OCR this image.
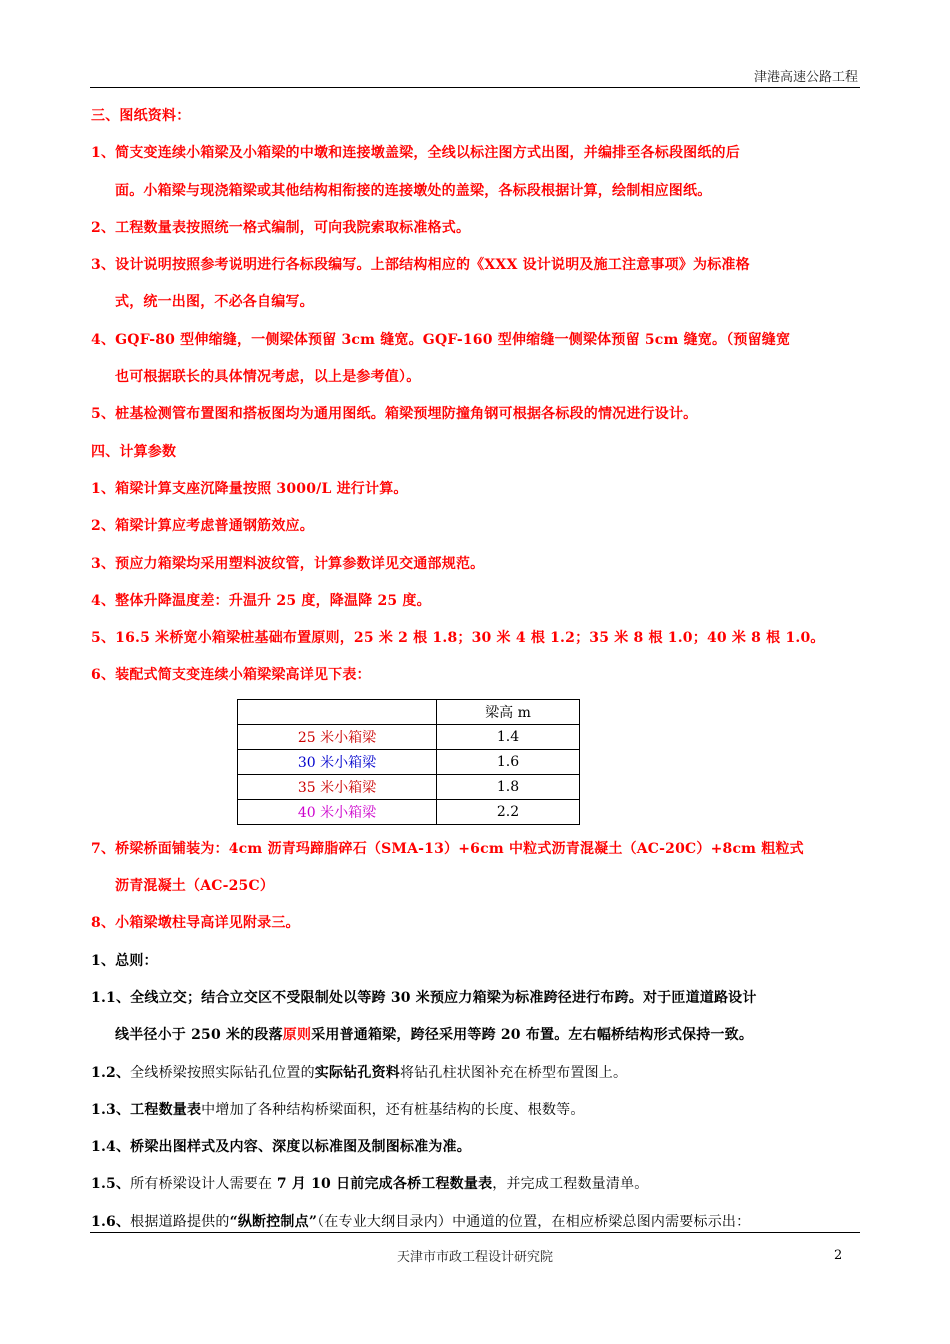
津港高速公路工程
三、图纸资料：
1、简支变连续小箱梁及小箱梁的中墩和连接墩盖梁，全线以标注图方式出图，并编排至各标段图纸的后
面。小箱梁与现浇箱梁或其他结构相衔接的连接墩处的盖梁，各标段根据计算，绘制相应图纸。
2、工程数量表按照统一格式编制，可向我院索取标准格式。
3、设计说明按照参考说明进行各标段编写。上部结构相应的《XXX 设计说明及施工注意事项》为标准格
式，统一出图，不必各自编写。
4、GQF-80 型伸缩缝，一侧梁体预留 3cm 缝宽。GQF-160 型伸缩缝一侧梁体预留 5cm 缝宽。（预留缝宽
也可根据联长的具体情况考虑，以上是参考值）。
5、桩基检测管布置图和搭板图均为通用图纸。箱梁预埋防撞角钢可根据各标段的情况进行设计。
四、计算参数
1、箱梁计算支座沉降量按照 3000/L 进行计算。
2、箱梁计算应考虑普通钢筋效应。
3、预应力箱梁均采用塑料波纹管，计算参数详见交通部规范。
4、整体升降温度差：升温升 25 度，降温降 25 度。
5、16.5 米桥宽小箱梁桩基础布置原则，25 米 2 根 1.8；30 米 4 根 1.2；35 米 8 根 1.0；40 米 8 根 1.0。
6、装配式简支变连续小箱梁梁高详见下表：
	梁高 m
25 米小箱梁	1.4
30 米小箱梁	1.6
35 米小箱梁	1.8
40 米小箱梁	2.2
7、桥梁桥面铺装为：4cm 沥青玛蹄脂碎石（SMA-13）+6cm 中粒式沥青混凝土（AC-20C）+8cm 粗粒式
沥青混凝土（AC-25C）
8、小箱梁墩柱导高详见附录三。
1、总则：
1.1、全线立交；结合立交区不受限制处以等跨 30 米预应力箱梁为标准跨径进行布跨。对于匝道道路设计
线半径小于 250 米的段落原则采用普通箱梁，跨径采用等跨 20 布置。左右幅桥结构形式保持一致。
1.2、全线桥梁按照实际钻孔位置的实际钻孔资料将钻孔柱状图补充在桥型布置图上。
1.3、工程数量表中增加了各种结构桥梁面积，还有桩基结构的长度、根数等。
1.4、桥梁出图样式及内容、深度以标准图及制图标准为准。
1.5、所有桥梁设计人需要在 7 月 10 日前完成各桥工程数量表，并完成工程数量清单。
1.6、根据道路提供的“纵断控制点”（在专业大纲目录内）中通道的位置，在相应桥梁总图内需要标示出：
天津市市政工程设计研究院	2
